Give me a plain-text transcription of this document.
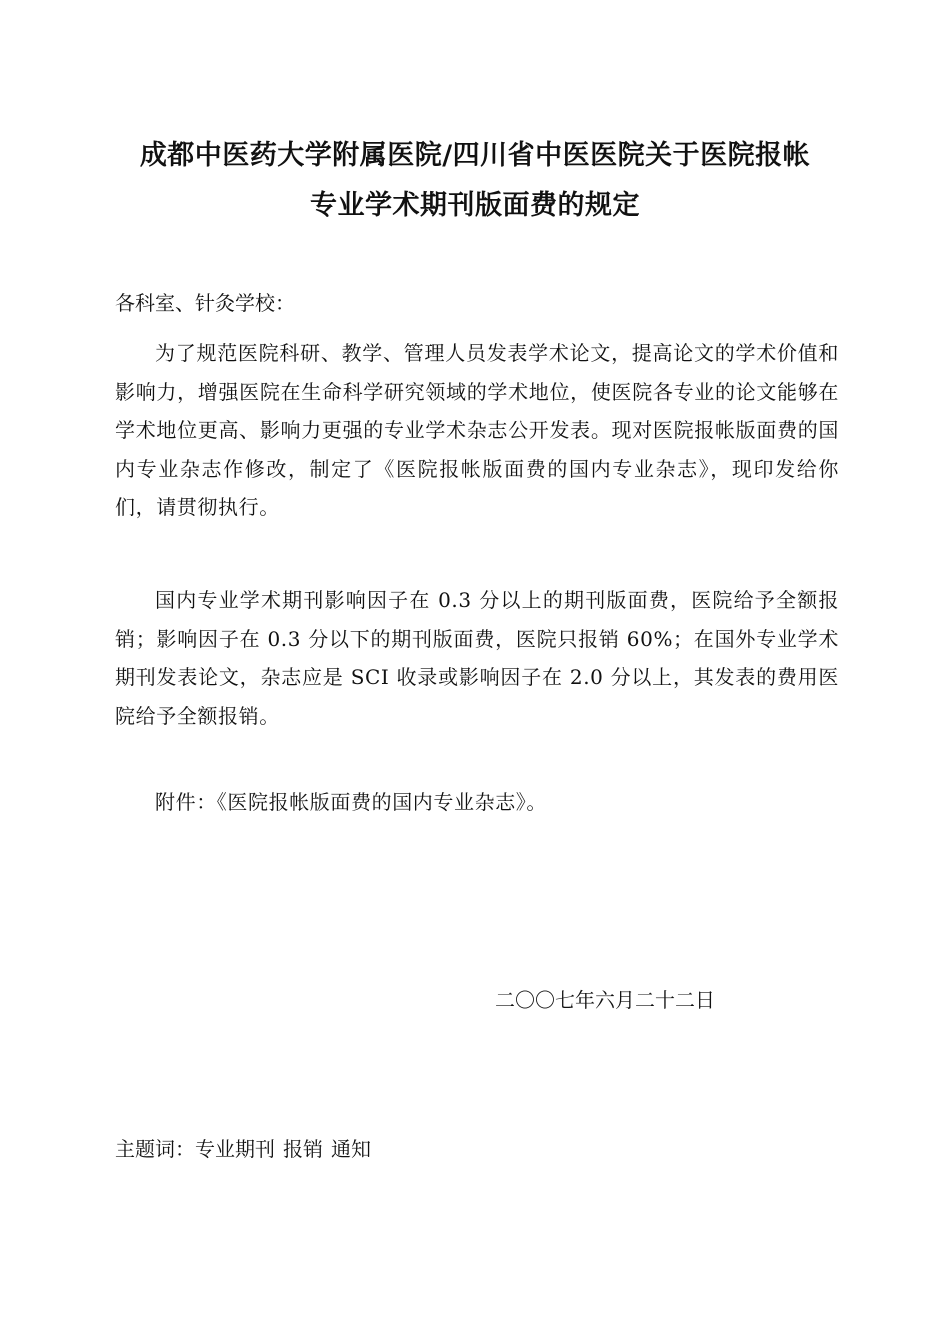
成都中医药大学附属医院/四川省中医医院关于医院报帐
专业学术期刊版面费的规定
各科室、针灸学校：
为了规范医院科研、教学、管理人员发表学术论文，提高论文的学术价值和影响力，增强医院在生命科学研究领域的学术地位，使医院各专业的论文能够在学术地位更高、影响力更强的专业学术杂志公开发表。现对医院报帐版面费的国内专业杂志作修改，制定了《医院报帐版面费的国内专业杂志》，现印发给你们，请贯彻执行。
国内专业学术期刊影响因子在 0.3 分以上的期刊版面费，医院给予全额报销；影响因子在 0.3 分以下的期刊版面费，医院只报销 60%；在国外专业学术期刊发表论文，杂志应是 SCI 收录或影响因子在 2.0 分以上，其发表的费用医院给予全额报销。
附件：《医院报帐版面费的国内专业杂志》。
二〇〇七年六月二十二日
主题词：专业期刊 报销 通知
